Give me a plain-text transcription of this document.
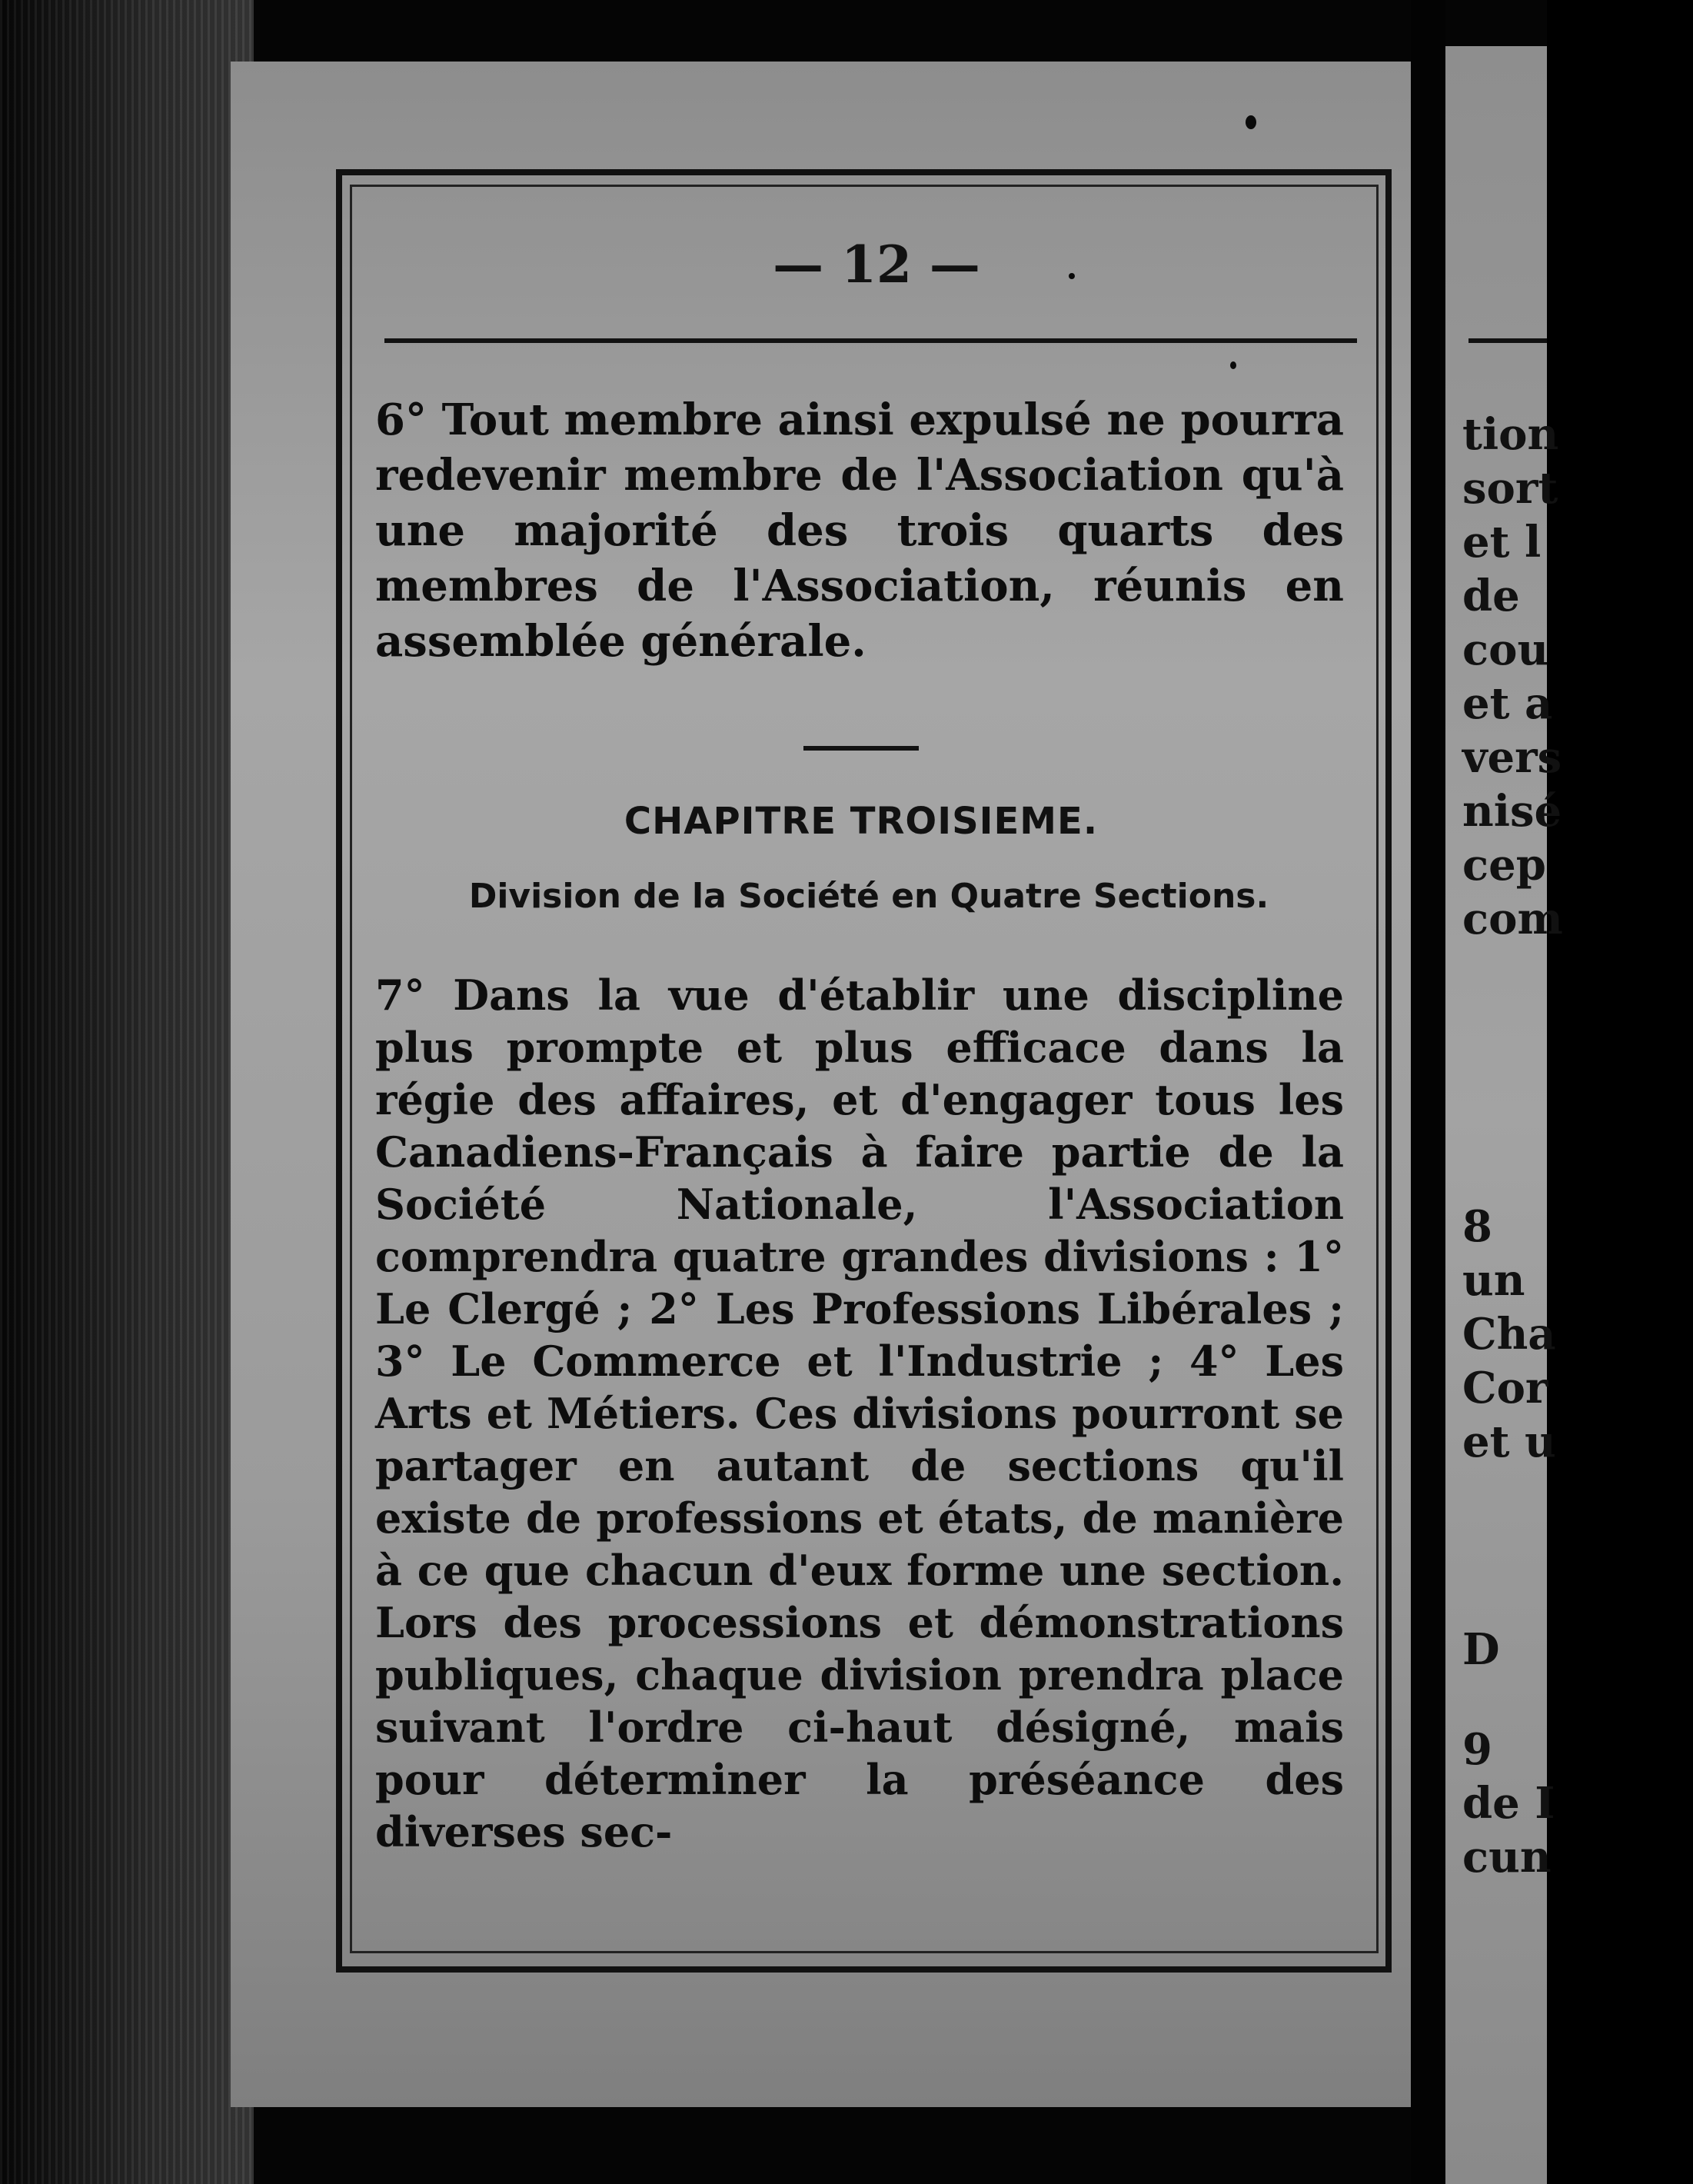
— 12 —
6° Tout membre ainsi expulsé ne pourra redevenir membre de l'Association qu'à une majorité des trois quarts des membres de l'Association, réunis en assemblée générale.
CHAPITRE TROISIEME.
Division de la Société en Quatre Sections.
7° Dans la vue d'établir une discipline plus prompte et plus efficace dans la régie des affaires, et d'engager tous les Canadiens-Français à faire partie de la Société Nationale, l'Association comprendra quatre grandes divisions : 1° Le Clergé ; 2° Les Professions Libérales ; 3° Le Commerce et l'Industrie ; 4° Les Arts et Métiers. Ces divisions pourront se partager en autant de sections qu'il existe de professions et états, de manière à ce que chacun d'eux forme une section. Lors des processions et démonstrations publiques, chaque division prendra place suivant l'ordre ci-haut désigné, mais pour déterminer la préséance des diverses sec-
tion
sort
et l
de
cou
et a
vers
nisé
cep
com
8
un
Cha
Cor
et u
D
9
de I
cun
